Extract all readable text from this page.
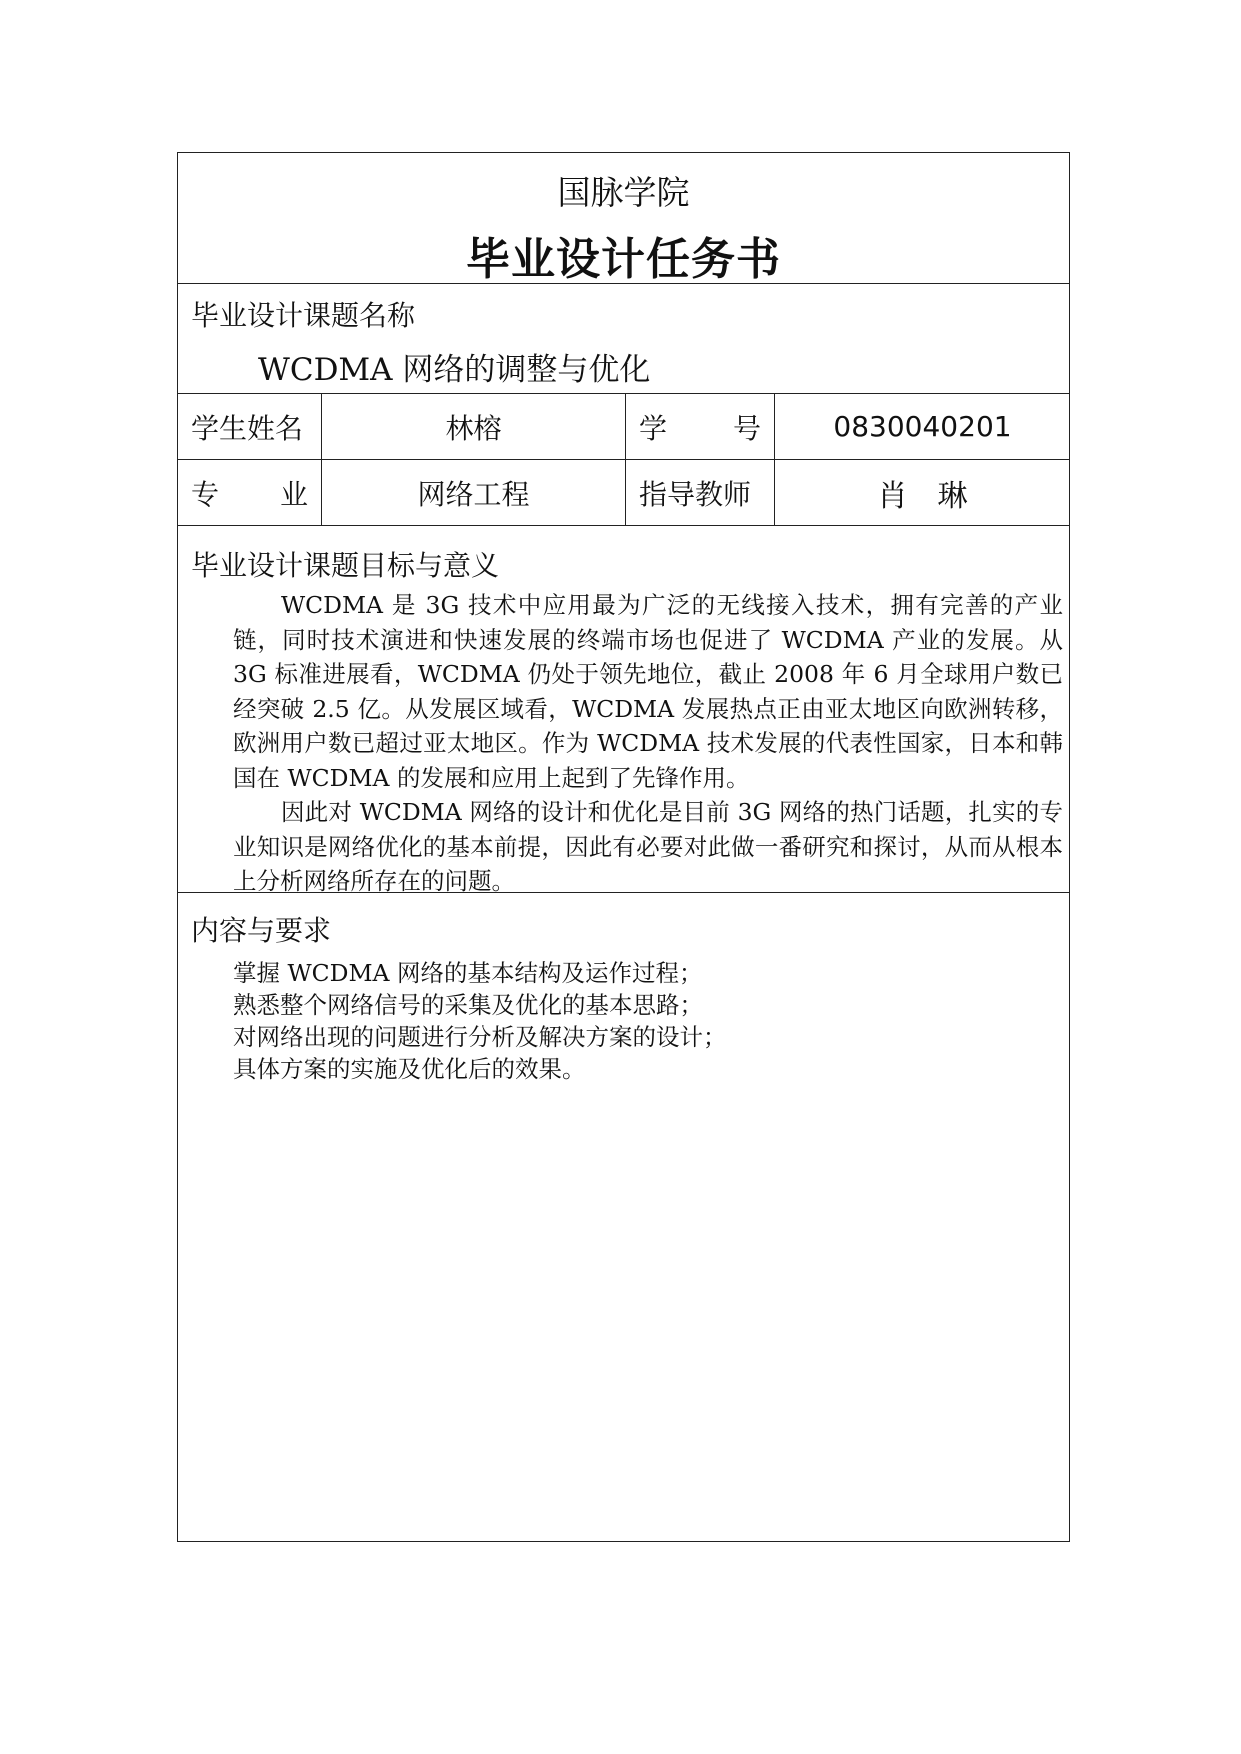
国脉学院
毕业设计任务书
毕业设计课题名称
WCDMA 网络的调整与优化
学生姓名	林榕	学 号	0830040201
专 业	网络工程	指导教师	肖　琳
毕业设计课题目标与意义

WCDMA 是 3G 技术中应用最为广泛的无线接入技术，拥有完善的产业链，同时技术演进和快速发展的终端市场也促进了 WCDMA 产业的发展。从 3G 标准进展看，WCDMA 仍处于领先地位，截止 2008 年 6 月全球用户数已经突破 2.5 亿。从发展区域看，WCDMA 发展热点正由亚太地区向欧洲转移，欧洲用户数已超过亚太地区。作为 WCDMA 技术发展的代表性国家，日本和韩国在 WCDMA 的发展和应用上起到了先锋作用。

因此对 WCDMA 网络的设计和优化是目前 3G 网络的热门话题，扎实的专业知识是网络优化的基本前提，因此有必要对此做一番研究和探讨，从而从根本上分析网络所存在的问题。

内容与要求
掌握 WCDMA 网络的基本结构及运作过程；
熟悉整个网络信号的采集及优化的基本思路；
对网络出现的问题进行分析及解决方案的设计；
具体方案的实施及优化后的效果。
